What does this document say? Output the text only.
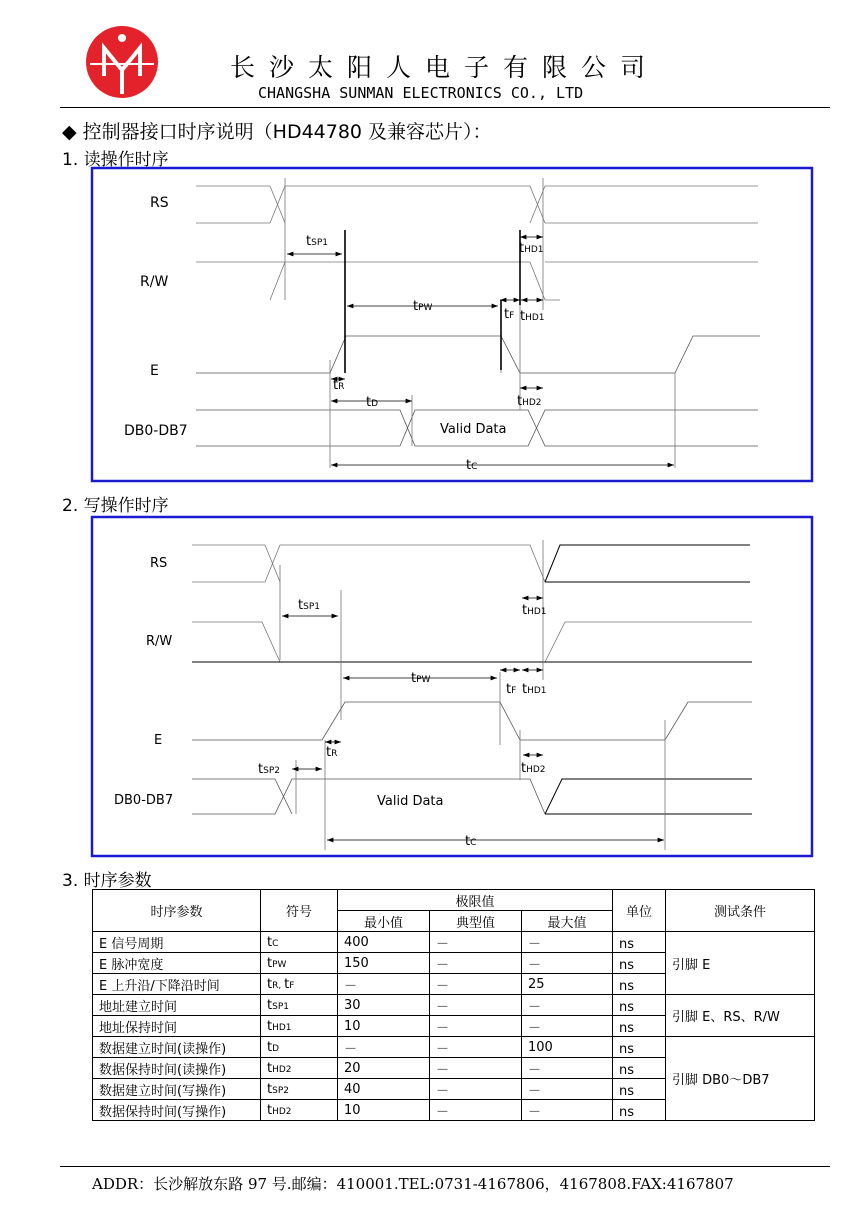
长沙太阳人电子有限公司
CHANGSHA SUNMAN ELECTRONICS CO., LTD
◆ 控制器接口时序说明（HD44780 及兼容芯片）：
1. 读操作时序
2. 写操作时序
3. 时序参数
RS
R/W
E
DB0-DB7	Valid Data
tSP1	tHD1
tPW	tF tHD1
tR
tD	tHD2
tC
RS
R/W
E
DB0-DB7	Valid Data
tSP1	tHD1
tPW
tF tHD1
tR
tSP2	tHD2
tC
时序参数	符号	极限值			单位	测试条件
		最小值	典型值	最大值		
E 信号周期	tC	400	－	－	ns	引脚 E
E 脉冲宽度	tPW	150	－	－	ns	
E 上升沿/下降沿时间	tR, tF	－	－	25	ns	
地址建立时间	tSP1	30	－	－	ns	引脚 E、RS、R/W
地址保持时间	tHD1	10	－	－	ns	
数据建立时间(读操作)	tD	－	－	100	ns	引脚 DB0～DB7
数据保持时间(读操作)	tHD2	20	－	－	ns	
数据建立时间(写操作)	tSP2	40	－	－	ns	
数据保持时间(写操作)	tHD2	10	－	－	ns	
ADDR：长沙解放东路 97 号.邮编：410001.TEL:0731-4167806，4167808.FAX:4167807
